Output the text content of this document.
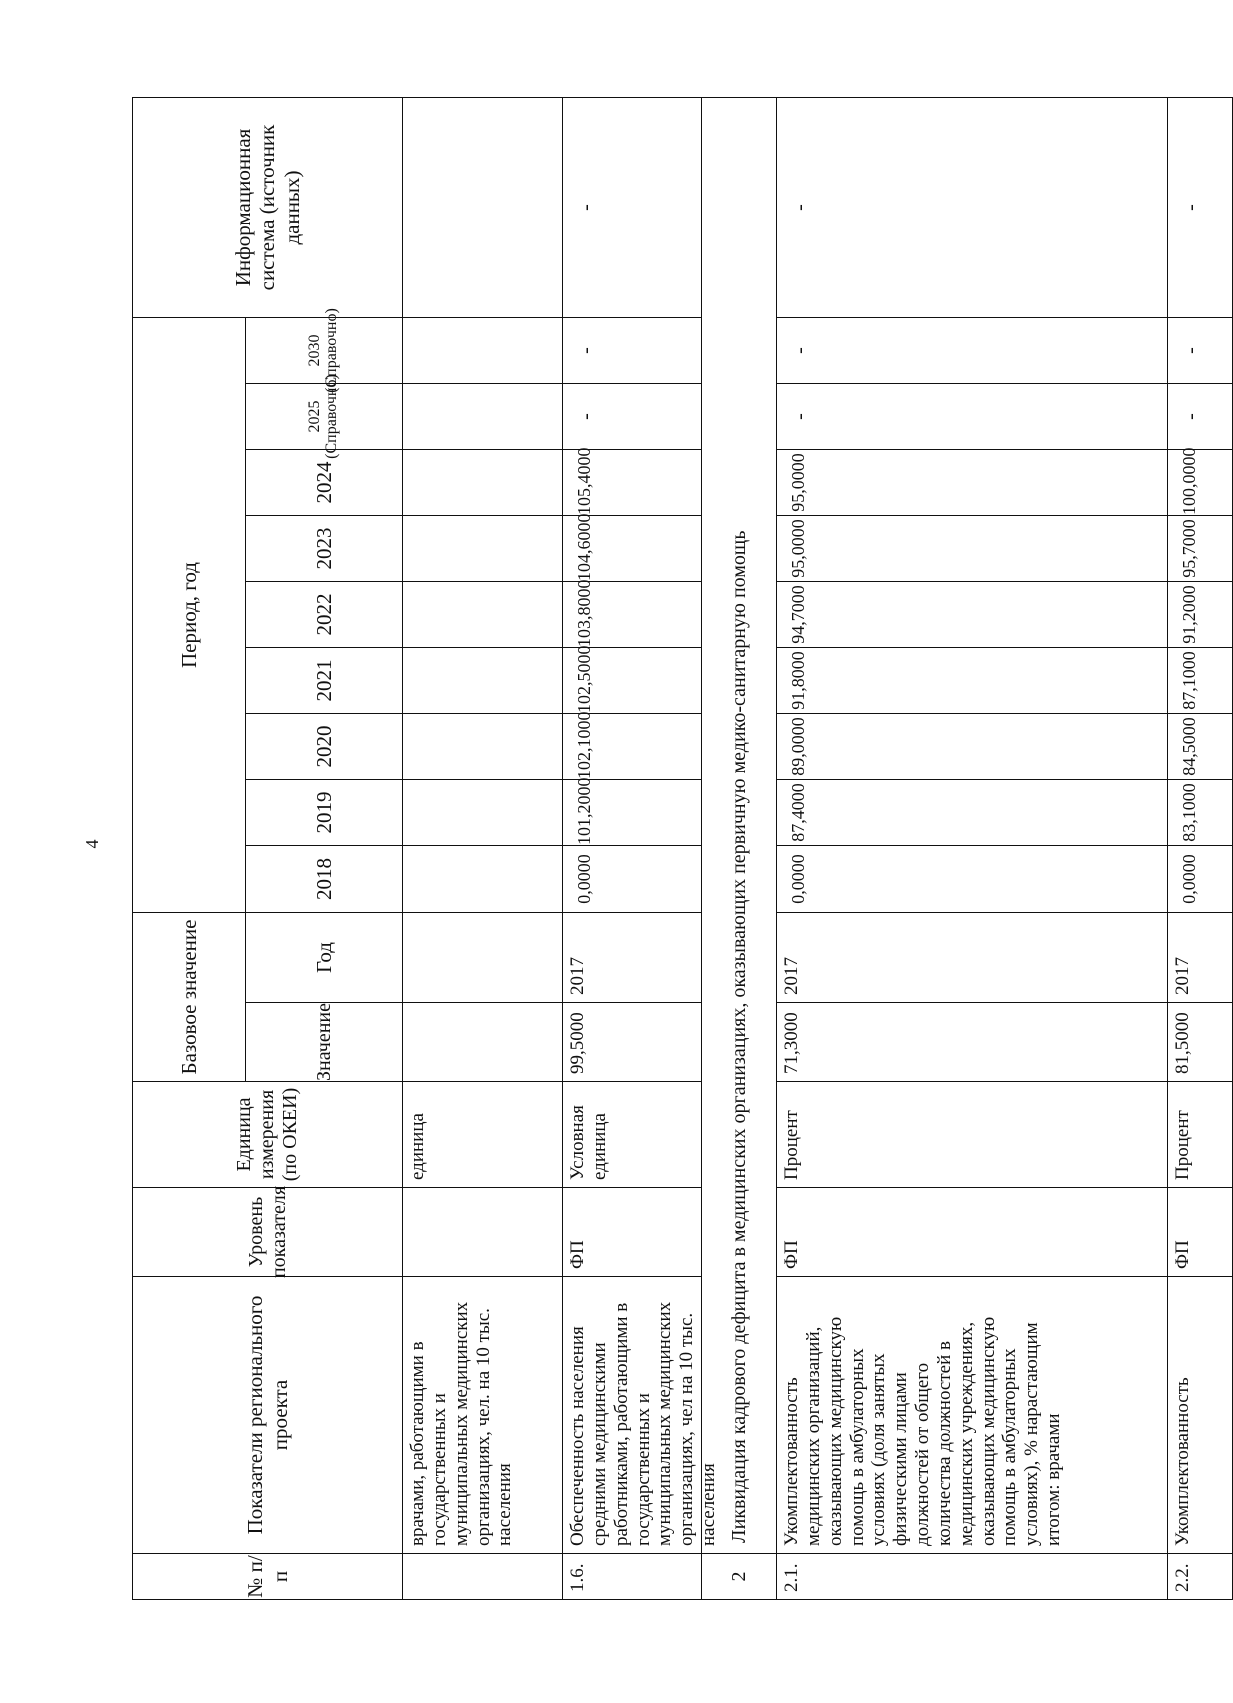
4
№ п/п
Показатели регионального проекта
Уровень показателя
Единица измерения (по ОКЕИ)
Базовое значение	Значение
Год
Период, год
2018
2019
2020
2021
2022
2023
2024
2025 (Справочно)
2030 (Справочно)
Информационная система (источник данных)
врачами, работающими в государственных и муниципальных медицинских организациях, чел. на 10 тыс. населения
единица
1.6.
Обеспеченность населения средними медицинскими работниками, работающими в государственных и муниципальных медицинских организациях, чел на 10 тыс. населения
ФП
Условная единица
99,5000
2017
0,0000
101,2000
102,1000
102,5000
103,8000
104,6000
105,4000
-
-
-
2
Ликвидация кадрового дефицита в медицинских организациях, оказывающих первичную медико-санитарную помощь
2.1.
Укомплектованность медицинских организаций, оказывающих медицинскую помощь в амбулаторных условиях (доля занятых физическими лицами должностей от общего количества должностей в медицинских учреждениях, оказывающих медицинскую помощь в амбулаторных условиях), % нарастающим итогом: врачами
ФП
Процент
71,3000
2017
0,0000
87,4000
89,0000
91,8000
94,7000
95,0000
95,0000
-
-
-
2.2.
Укомплектованность
ФП
Процент
81,5000
2017
0,0000
83,1000
84,5000
87,1000
91,2000
95,7000
100,0000
-
-
-
